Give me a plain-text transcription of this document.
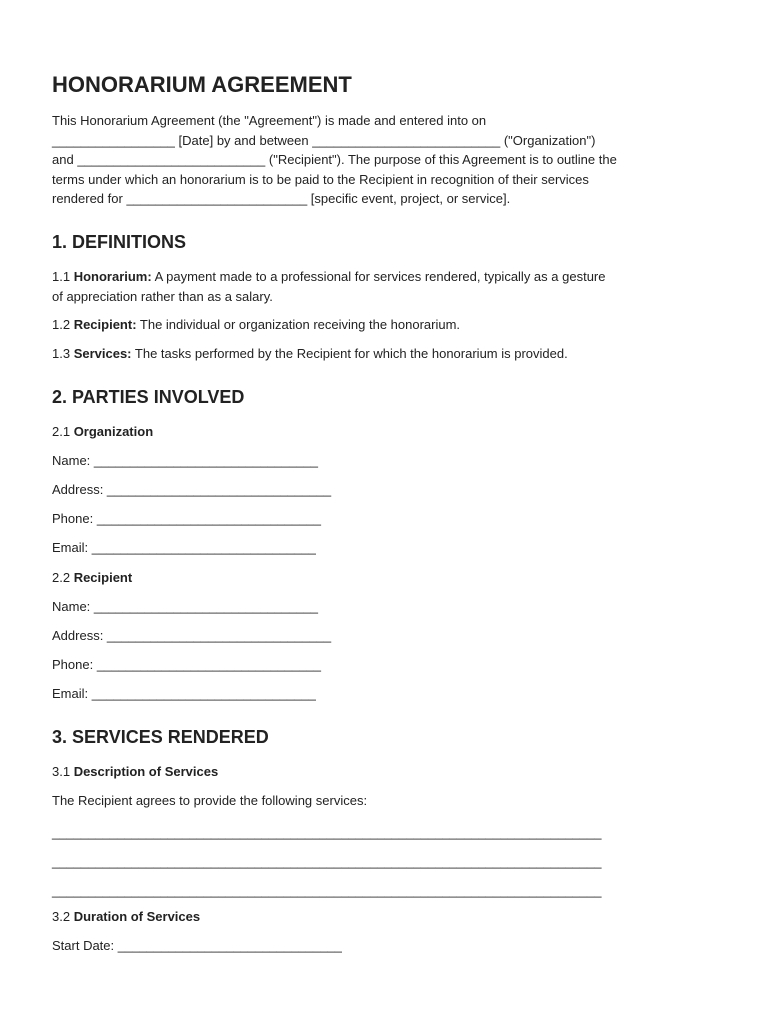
HONORARIUM AGREEMENT
This Honorarium Agreement (the "Agreement") is made and entered into on
_________________ [Date] by and between __________________________ ("Organization")
and __________________________ ("Recipient"). The purpose of this Agreement is to outline the
terms under which an honorarium is to be paid to the Recipient in recognition of their services
rendered for _________________________ [specific event, project, or service].
1. DEFINITIONS
1.1 Honorarium: A payment made to a professional for services rendered, typically as a gesture
of appreciation rather than as a salary.
1.2 Recipient: The individual or organization receiving the honorarium.
1.3 Services: The tasks performed by the Recipient for which the honorarium is provided.
2. PARTIES INVOLVED
2.1 Organization
Name: _______________________________
Address: _______________________________
Phone: _______________________________
Email: _______________________________
2.2 Recipient
Name: _______________________________
Address: _______________________________
Phone: _______________________________
Email: _______________________________
3. SERVICES RENDERED
3.1 Description of Services
The Recipient agrees to provide the following services:
____________________________________________________________________________
____________________________________________________________________________
____________________________________________________________________________
3.2 Duration of Services
Start Date: _______________________________
